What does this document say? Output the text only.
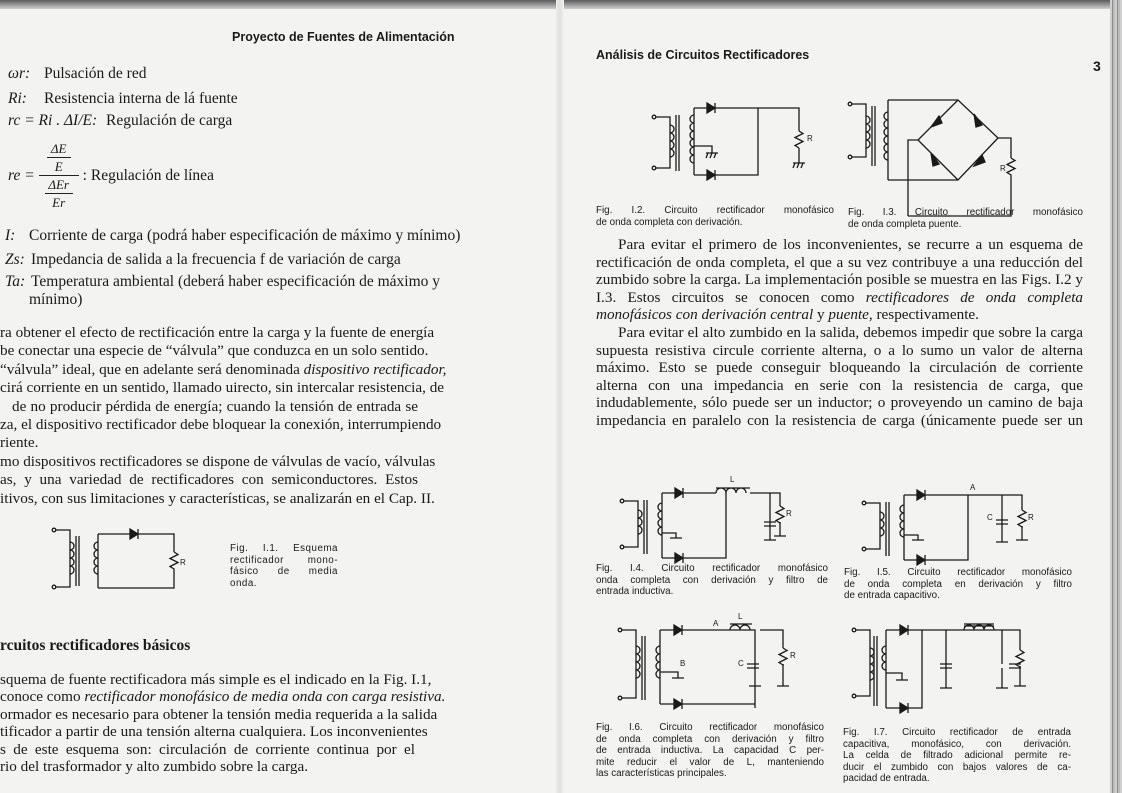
Proyecto de Fuentes de Alimentación
ωr: Pulsación de red
Ri: Resistencia interna de lá fuente
rc = Ri . ΔI/E: Regulación de carga
re =
ΔE
E
ΔEr
Er
: Regulación de línea
I: Corriente de carga (podrá haber especificación de máximo y mínimo)
Zs: Impedancia de salida a la frecuencia f de variación de carga
Ta: Temperatura ambiental (deberá haber especificación de máximo y
mínimo)
ra obtener el efecto de rectificación entre la carga y la fuente de energía
be conectar una especie de “válvula” que conduzca en un solo sentido.
“válvula” ideal, que en adelante será denominada dispositivo rectificador,
cirá corriente en un sentido, llamado uirecto, sin intercalar resistencia, de
de no producir pérdida de energía; cuando la tensión de entrada se
za, el dispositivo rectificador debe bloquear la conexión, interrumpiendo
riente.
mo dispositivos rectificadores se dispone de válvulas de vacío, válvulas
as, y una variedad de rectificadores con semiconductores. Estos
itivos, con sus limitaciones y características, se analizarán en el Cap. II.
R
Fig. I.1. Esquema
rectificador mono-
fásico de media
onda.
rcuitos rectificadores básicos
squema de fuente rectificadora más simple es el indicado en la Fig. I.1,
conoce como rectificador monofásico de media onda con carga resistiva.
ormador es necesario para obtener la tensión media requerida a la salida
tificador a partir de una tensión alterna cualquiera. Los inconvenientes
s de este esquema son: circulación de corriente continua por el
rio del trasformador y alto zumbido sobre la carga.
Análisis de Circuitos Rectificadores
3
R
R
Fig. I.2. Circuito rectificador monofásico
de onda completa con derivación.
Fig. I.3. Circuito rectificador monofásico
de onda completa puente.
Para evitar el primero de los inconvenientes, se recurre a un esquema de
rectificación de onda completa, el que a su vez contribuye a una reducción del
zumbido sobre la carga. La implementación posible se muestra en las Figs. I.2 y
I.3. Estos circuitos se conocen como rectificadores de onda completa
monofásicos con derivación central y puente, respectivamente.
Para evitar el alto zumbido en la salida, debemos impedir que sobre la carga
supuesta resistiva circule corriente alterna, o a lo sumo un valor de alterna
máximo. Esto se puede conseguir bloqueando la circulación de corriente
alterna con una impedancia en serie con la resistencia de carga, que
indudablemente, sólo puede ser un inductor; o proveyendo un camino de baja
impedancia en paralelo con la resistencia de carga (únicamente puede ser un
L
R
A
C	R
Fig. I.4. Circuito rectificador monofásico
onda completa con derivación y filtro de
entrada inductiva.
Fig. I.5. Circuito rectificador monofásico
de onda completa en derivación y filtro
de entrada capacitivo.
A
L
B	C
R
Fig. I.6. Circuito rectificador monofásico
de onda completa con derivación y filtro
de entrada inductiva. La capacidad C per-
mite reducir el valor de L, manteniendo
las características principales.
Fig. I.7. Circuito rectificador de entrada
capacitiva, monofásico, con derivación.
La celda de filtrado adicional permite re-
ducir el zumbido con bajos valores de ca-
pacidad de entrada.
